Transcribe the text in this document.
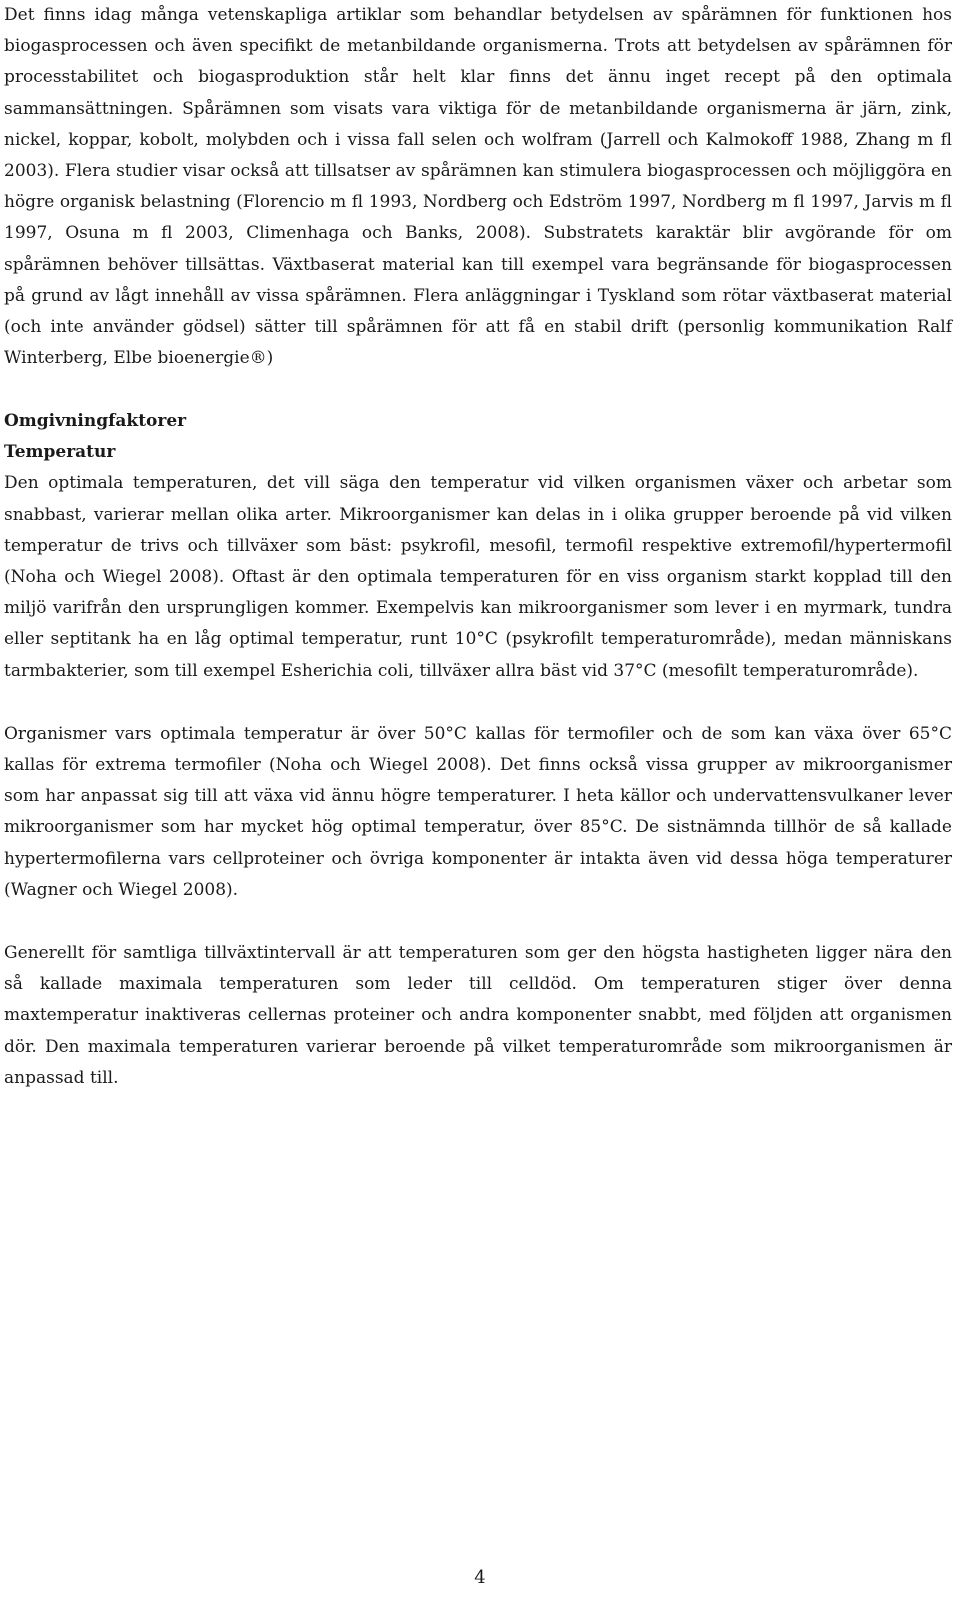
Det finns idag många vetenskapliga artiklar som behandlar betydelsen av spårämnen för funktionen hos biogasprocessen och även specifikt de metanbildande organismerna. Trots att betydelsen av spårämnen för processtabilitet och biogasproduktion står helt klar finns det ännu inget recept på den optimala sammansättningen. Spårämnen som visats vara viktiga för de metanbildande organismerna är järn, zink, nickel, koppar, kobolt, molybden och i vissa fall selen och wolfram (Jarrell och Kalmokoff 1988, Zhang m fl 2003). Flera studier visar också att tillsatser av spårämnen kan stimulera biogasprocessen och möjliggöra en högre organisk belastning (Florencio m fl 1993, Nordberg och Edström 1997, Nordberg m fl 1997, Jarvis m fl 1997, Osuna m fl 2003, Climenhaga och Banks, 2008). Substratets karaktär blir avgörande för om spårämnen behöver tillsättas. Växtbaserat material kan till exempel vara begränsande för biogasprocessen på grund av lågt innehåll av vissa spårämnen. Flera anläggningar i Tyskland som rötar växtbaserat material (och inte använder gödsel) sätter till spårämnen för att få en stabil drift (personlig kommunikation Ralf Winterberg, Elbe bioenergie®)

Omgivningfaktorer
Temperatur

Den optimala temperaturen, det vill säga den temperatur vid vilken organismen växer och arbetar som snabbast, varierar mellan olika arter. Mikroorganismer kan delas in i olika grupper beroende på vid vilken temperatur de trivs och tillväxer som bäst: psykrofil, mesofil, termofil respektive extremofil/hypertermofil (Noha och Wiegel 2008). Oftast är den optimala temperaturen för en viss organism starkt kopplad till den miljö varifrån den ursprungligen kommer. Exempelvis kan mikroorganismer som lever i en myrmark, tundra eller septitank ha en låg optimal temperatur, runt 10°C (psykrofilt temperaturområde), medan människans tarmbakterier, som till exempel Esherichia coli, tillväxer allra bäst vid 37°C (mesofilt temperaturområde).

Organismer vars optimala temperatur är över 50°C kallas för termofiler och de som kan växa över 65°C kallas för extrema termofiler (Noha och Wiegel 2008). Det finns också vissa grupper av mikroorganismer som har anpassat sig till att växa vid ännu högre temperaturer. I heta källor och undervattensvulkaner lever mikroorganismer som har mycket hög optimal temperatur, över 85°C. De sistnämnda tillhör de så kallade hypertermofilerna vars cellproteiner och övriga komponenter är intakta även vid dessa höga temperaturer (Wagner och Wiegel 2008).

Generellt för samtliga tillväxtintervall är att temperaturen som ger den högsta hastigheten ligger nära den så kallade maximala temperaturen som leder till celldöd. Om temperaturen stiger över denna maxtemperatur inaktiveras cellernas proteiner och andra komponenter snabbt, med följden att organismen dör. Den maximala temperaturen varierar beroende på vilket temperaturområde som mikroorganismen är anpassad till.

4
